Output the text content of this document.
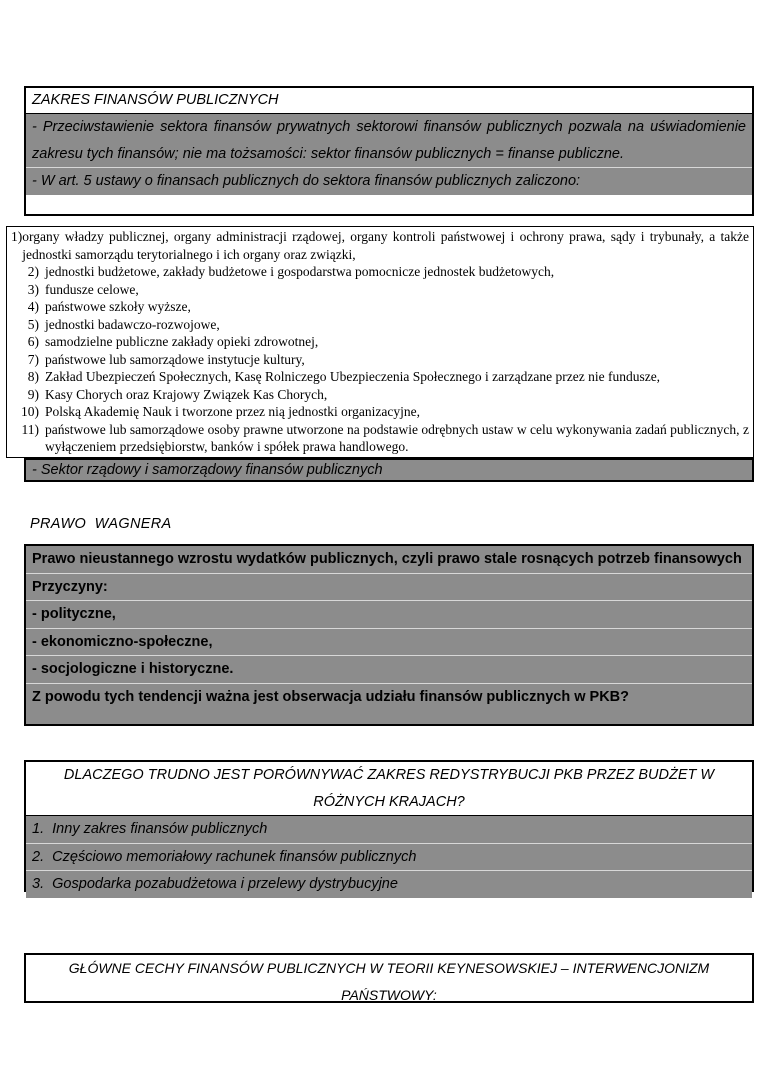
ZAKRES FINANSÓW PUBLICZNYCH
- Przeciwstawienie sektora finansów prywatnych sektorowi finansów publicznych pozwala na uświadomienie zakresu tych finansów; nie ma tożsamości: sektor finansów publicznych = finanse publiczne.
- W art. 5 ustawy o finansach publicznych do sektora finansów publicznych zaliczono:
1) organy władzy publicznej, organy administracji rządowej, organy kontroli państwowej i ochrony prawa, sądy i trybunały, a także jednostki samorządu terytorialnego i ich organy oraz związki,
2) jednostki budżetowe, zakłady budżetowe i gospodarstwa pomocnicze jednostek budżetowych,
3) fundusze celowe,
4) państwowe szkoły wyższe,
5) jednostki badawczo-rozwojowe,
6) samodzielne publiczne zakłady opieki zdrowotnej,
7) państwowe lub samorządowe instytucje kultury,
8) Zakład Ubezpieczeń Społecznych, Kasę Rolniczego Ubezpieczenia Społecznego i zarządzane przez nie fundusze,
9) Kasy Chorych oraz Krajowy Związek Kas Chorych,
10) Polską Akademię Nauk i tworzone przez nią jednostki organizacyjne,
11) państwowe lub samorządowe osoby prawne utworzone na podstawie odrębnych ustaw w celu wykonywania zadań publicznych, z wyłączeniem przedsiębiorstw, banków i spółek prawa handlowego.
- Sektor rządowy i samorządowy finansów publicznych
PRAWO  WAGNERA
Prawo nieustannego wzrostu wydatków publicznych, czyli prawo stale rosnących potrzeb finansowych
Przyczyny:
- polityczne,
- ekonomiczno-społeczne,
- socjologiczne i historyczne.
Z powodu tych tendencji ważna jest obserwacja udziału finansów publicznych w PKB?
DLACZEGO TRUDNO JEST PORÓWNYWAĆ ZAKRES REDYSTRYBUCJI PKB PRZEZ BUDŻET W RÓŻNYCH KRAJACH?
1. Inny zakres finansów publicznych
2. Częściowo memoriałowy rachunek finansów publicznych
3. Gospodarka pozabudżetowa i przelewy dystrybucyjne
GŁÓWNE CECHY FINANSÓW PUBLICZNYCH W TEORII KEYNESOWSKIEJ – INTERWENCJONIZM PAŃSTWOWY:
